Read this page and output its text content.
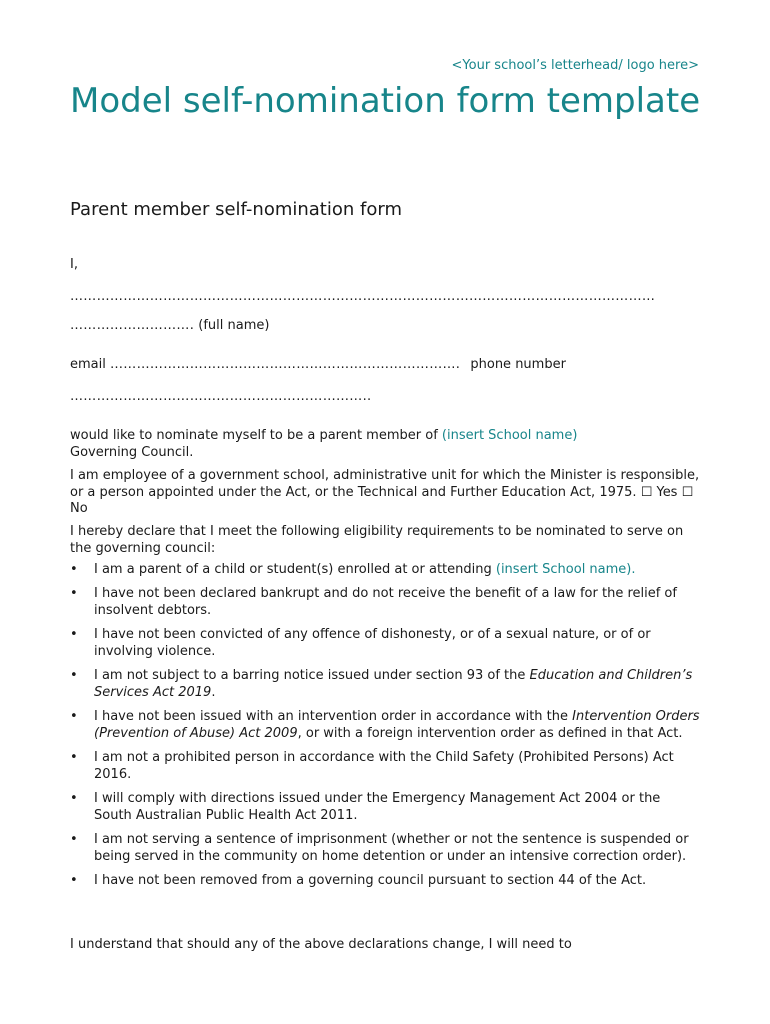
<Your school’s letterhead/ logo here>
Model self-nomination form template
Parent member self-nomination form
I,
……………………………………………………………………………………………………………………
………………………. (full name)
email ……………………………………………………………………. phone number
…………………………………………………………..

would like to nominate myself to be a parent member of (insert School name)
Governing Council.

I am employee of a government school, administrative unit for which the Minister is responsible, or a person appointed under the Act, or the Technical and Further Education Act, 1975. ☐ Yes ☐ No

I hereby declare that I meet the following eligibility requirements to be nominated to serve on the governing council:

• I am a parent of a child or student(s) enrolled at or attending (insert School name).
• I have not been declared bankrupt and do not receive the benefit of a law for the relief of insolvent debtors.
• I have not been convicted of any offence of dishonesty, or of a sexual nature, or of or involving violence.
• I am not subject to a barring notice issued under section 93 of the Education and Children’s Services Act 2019.
• I have not been issued with an intervention order in accordance with the Intervention Orders (Prevention of Abuse) Act 2009, or with a foreign intervention order as defined in that Act.
• I am not a prohibited person in accordance with the Child Safety (Prohibited Persons) Act 2016.
• I will comply with directions issued under the Emergency Management Act 2004 or the South Australian Public Health Act 2011.
• I am not serving a sentence of imprisonment (whether or not the sentence is suspended or being served in the community on home detention or under an intensive correction order).
• I have not been removed from a governing council pursuant to section 44 of the Act.

I understand that should any of the above declarations change, I will need to
